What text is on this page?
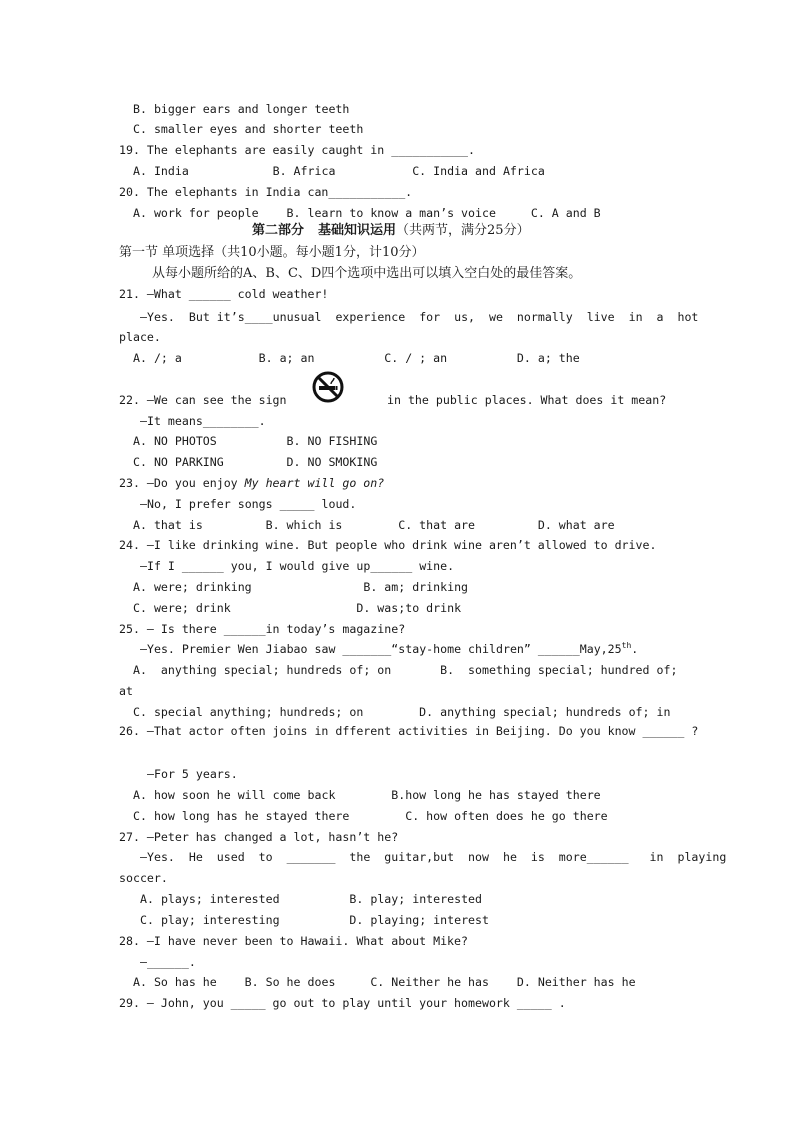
B. bigger ears and longer teeth
C. smaller eyes and shorter teeth
19. The elephants are easily caught in ___________.
A. India            B. Africa           C. India and Africa
20. The elephants in India can___________.
A. work for people    B. learn to know a man’s voice     C. A and B
第二部分 基础知识运用（共两节，满分25分）
第一节 单项选择（共10小题。每小题1分，计10分）
从每小题所给的A、B、C、D四个选项中选出可以填入空白处的最佳答案。
21. —What ______ cold weather!
—Yes.  But it’s____unusual  experience  for  us,  we  normally  live  in  a  hot
place.
A. /; a           B. a; an          C. / ; an          D. a; the
22. —We can see the sign	in the public places. What does it mean?
—It means________.
A. NO PHOTOS          B. NO FISHING
C. NO PARKING         D. NO SMOKING
23. —Do you enjoy My heart will go on?
—No, I prefer songs _____ loud.
A. that is         B. which is        C. that are         D. what are
24. —I like drinking wine. But people who drink wine aren’t allowed to drive.
—If I ______ you, I would give up______ wine.
A. were; drinking                B. am; drinking
C. were; drink                  D. was;to drink
25. — Is there ______in today’s magazine?
—Yes. Premier Wen Jiabao saw _______“stay-home children” ______May,25th.
A.  anything special; hundreds of; on       B.  something special; hundred of;
at
C. special anything; hundreds; on        D. anything special; hundreds of; in
26. —That actor often joins in dfferent activities in Beijing. Do you know ______ ?
—For 5 years.
A. how soon he will come back        B.how long he has stayed there
C. how long has he stayed there        C. how often does he go there
27. —Peter has changed a lot, hasn’t he?
—Yes.  He  used  to  _______  the  guitar,but  now  he  is  more______   in  playing
soccer.
A. plays; interested          B. play; interested
C. play; interesting          D. playing; interest
28. —I have never been to Hawaii. What about Mike?
—______.
A. So has he    B. So he does     C. Neither he has    D. Neither has he
29. — John, you _____ go out to play until your homework _____ .
